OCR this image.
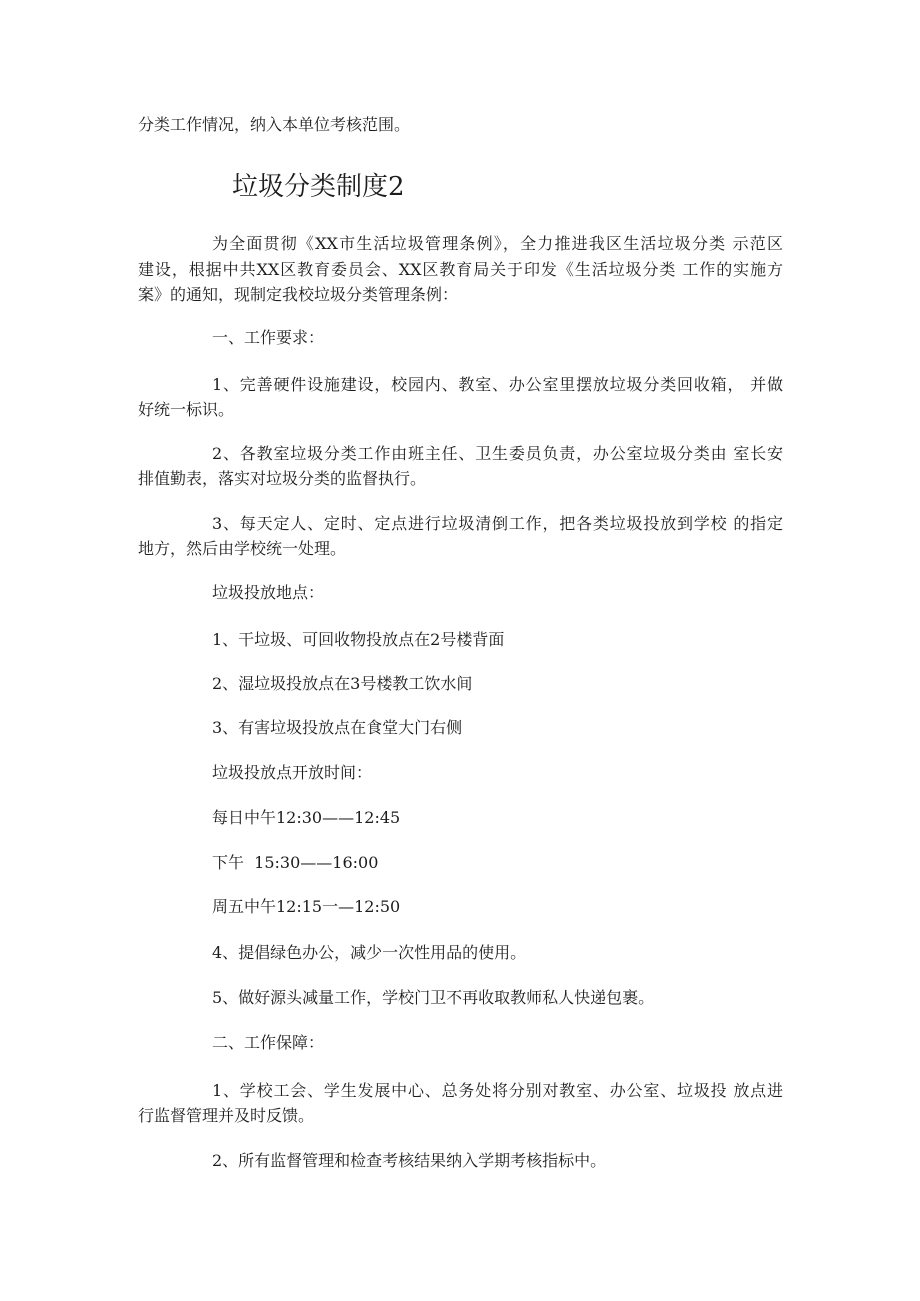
分类工作情况，纳入本单位考核范围。

垃圾分类制度2

为全面贯彻《XX市生活垃圾管理条例》，全力推进我区生活垃圾分类 示范区

建设，根据中共XX区教育委员会、XX区教育局关于印发《生活垃圾分类 工作的实施方

案》的通知，现制定我校垃圾分类管理条例：

一、工作要求：

1、完善硬件设施建设，校园内、教室、办公室里摆放垃圾分类回收箱， 并做

好统一标识。

2、各教室垃圾分类工作由班主任、卫生委员负责，办公室垃圾分类由 室长安

排值勤表，落实对垃圾分类的监督执行。

3、每天定人、定时、定点进行垃圾清倒工作，把各类垃圾投放到学校 的指定

地方，然后由学校统一处理。

垃圾投放地点：

1、干垃圾、可回收物投放点在2号楼背面

2、湿垃圾投放点在3号楼教工饮水间

3、有害垃圾投放点在食堂大门右侧

垃圾投放点开放时间：

每日中午12:30——12:45

下午  15:30——16:00

周五中午12:15一—12:50

4、提倡绿色办公，减少一次性用品的使用。

5、做好源头减量工作，学校门卫不再收取教师私人快递包裹。

二、工作保障：

1、学校工会、学生发展中心、总务处将分别对教室、办公室、垃圾投 放点进

行监督管理并及时反馈。

2、所有监督管理和检查考核结果纳入学期考核指标中。
